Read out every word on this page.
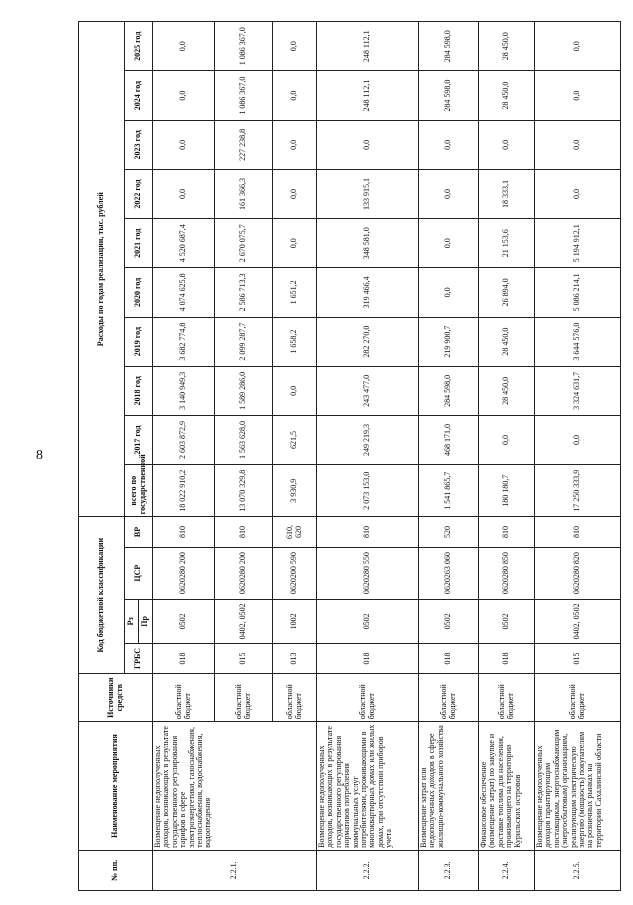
8
№ пп.	Наименование мероприятия	Источники средств	Код бюджетной классификации				Расходы по годам реализации, тыс. рублей									
			ГРБС	Рз	ЦСР	ВР	всего по государственной	2017 год	2018 год	2019 год	2020 год	2021 год	2022 год	2023 год	2024 год	2025 год
				Пр												
2.2.1.	Возмещение недополученных доходов, возникающих в результате государственного регулирования тарифов в сфере электроэнергетики, газоснабжения, теплоснабжения, водоснабжения, водоотведения	областной бюджет	018	0502	0620280 200	810	18 022 910,2	2 603 872,9	3 140 949,3	3 682 774,8	4 074 625,8	4 520 687,4	0,0	0,0	0,0	0,0
		областной бюджет	015	0402, 0502	0620280 200	810	13 070 329,8	1 563 628,0	1 589 286,0	2 099 287,7	2 586 713,3	2 670 075,7	161 366,3	227 238,8	1 086 367,0	1 086 367,0
		областной бюджет	013	1002	0620200 590	610, 620	3 930,9	621,5	0,0	1 658,2	1 651,2	0,0	0,0	0,0	0,0	0,0
2.2.2.	Возмещение недополученных доходов, возникающих в результате государственного регулирования нормативов потребления коммунальных услуг потребителями, проживающими в многоквартирных домах или жилых домах, при отсутствии приборов учета	областной бюджет	018	0502	0620280 550	810	2 073 153,0	249 219,3	243 477,0	282 270,0	319 466,4	348 581,0	133 915,1	0,0	248 112,1	248 112,1
2.2.3.	Возмещение затрат или недополученных доходов в сфере жилищно-коммунального хозяйства	областной бюджет	018	0502	0620263 060	520	1 541 865,7	468 171,0	284 598,0	219 900,7	0,0	0,0	0,0	0,0	284 598,0	284 598,0
2.2.4.	Финансовое обеспечение (возмещение затрат) по закупке и доставке топлива для населения, проживающего на территории Курильских островов	областной бюджет	018	0502	0620280 850	810	180 180,7	0,0	28 450,0	28 450,0	26 894,0	21 153,6	18 333,1	0,0	28 450,0	28 450,0
2.2.5.	Возмещение недополученных доходов гарантирующим поставщикам, энергоснабжающим (энергосбытовым) организациям, реализующим электрическую энергию (мощность) покупателям на розничных рынках на территории Сахалинской области	областной бюджет	015	0402, 0502	0620280 820	810	17 250 333,9	0,0	3 324 631,7	3 644 576,0	5 086 214,1	5 194 912,1	0,0	0,0	0,0	0,0
